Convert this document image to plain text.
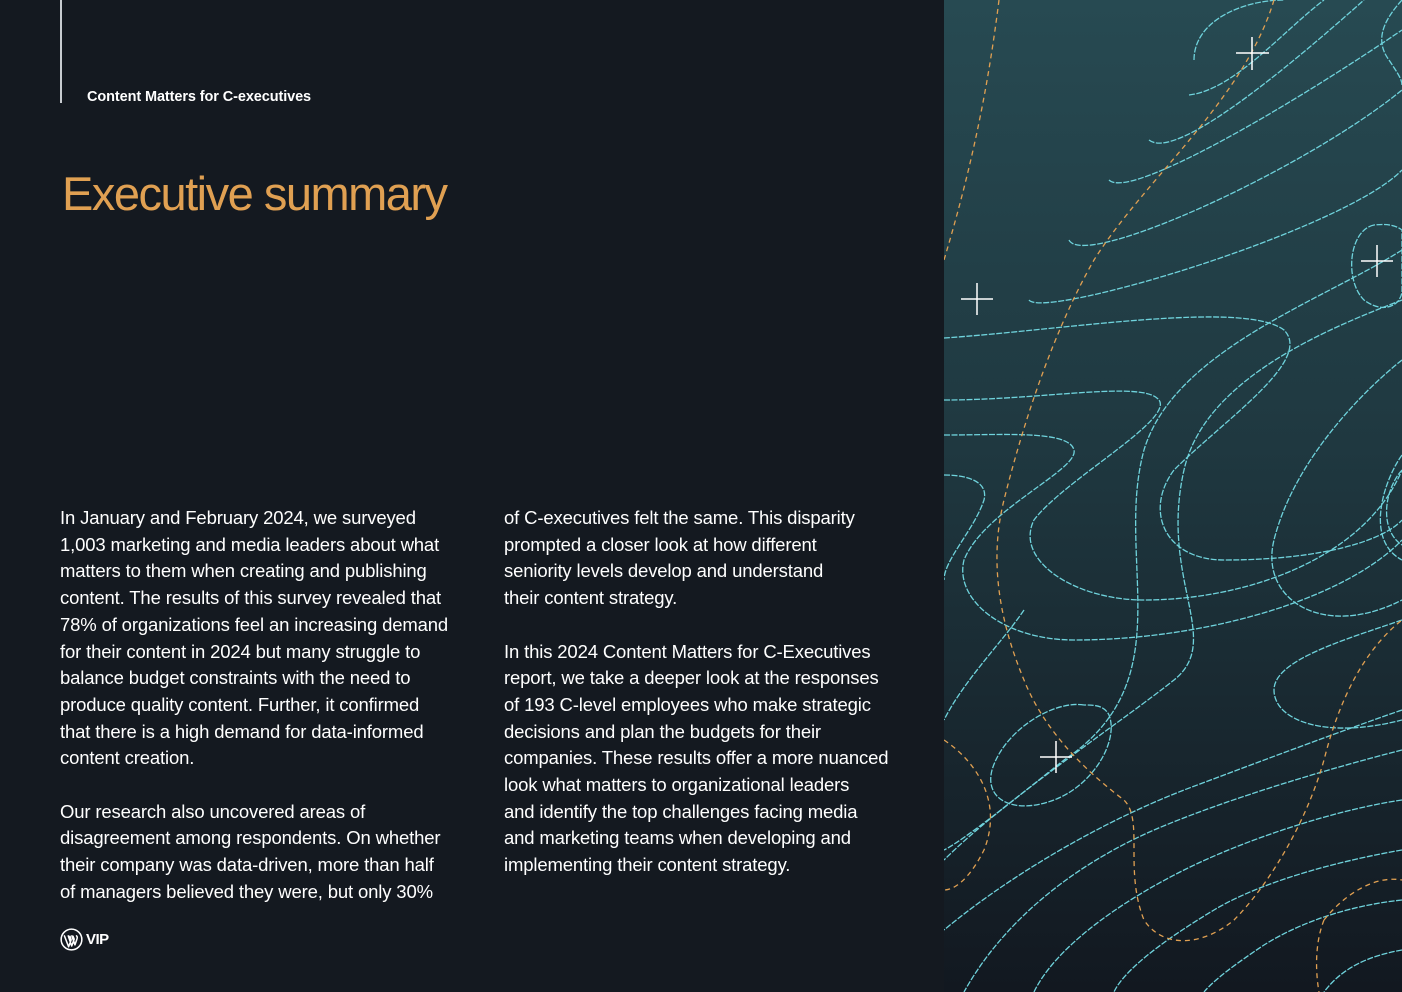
Content Matters for C-executives
Executive summary

In January and February 2024, we surveyed
1,003 marketing and media leaders about what
matters to them when creating and publishing
content. The results of this survey revealed that
78% of organizations feel an increasing demand
for their content in 2024 but many struggle to
balance budget constraints with the need to
produce quality content. Further, it confirmed
that there is a high demand for data-informed
content creation.

Our research also uncovered areas of
disagreement among respondents. On whether
their company was data-driven, more than half
of managers believed they were, but only 30%

of C-executives felt the same. This disparity
prompted a closer look at how different
seniority levels develop and understand
their content strategy.

In this 2024 Content Matters for C-Executives
report, we take a deeper look at the responses
of 193 C-level employees who make strategic
decisions and plan the budgets for their
companies. These results offer a more nuanced
look what matters to organizational leaders
and identify the top challenges facing media
and marketing teams when developing and
implementing their content strategy.

VIP
